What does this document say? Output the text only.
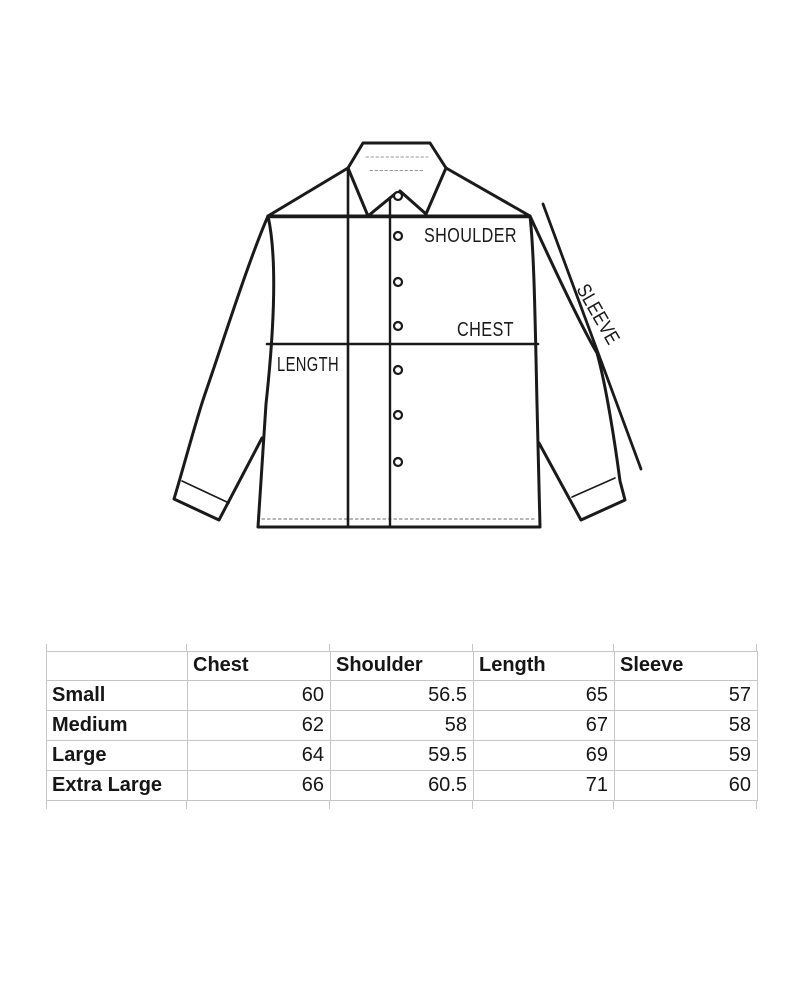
SHOULDER
CHEST
LENGTH
SLEEVE
	Chest	Shoulder	Length	Sleeve
Small	60	56.5	65	57
Medium	62	58	67	58
Large	64	59.5	69	59
Extra Large	66	60.5	71	60
